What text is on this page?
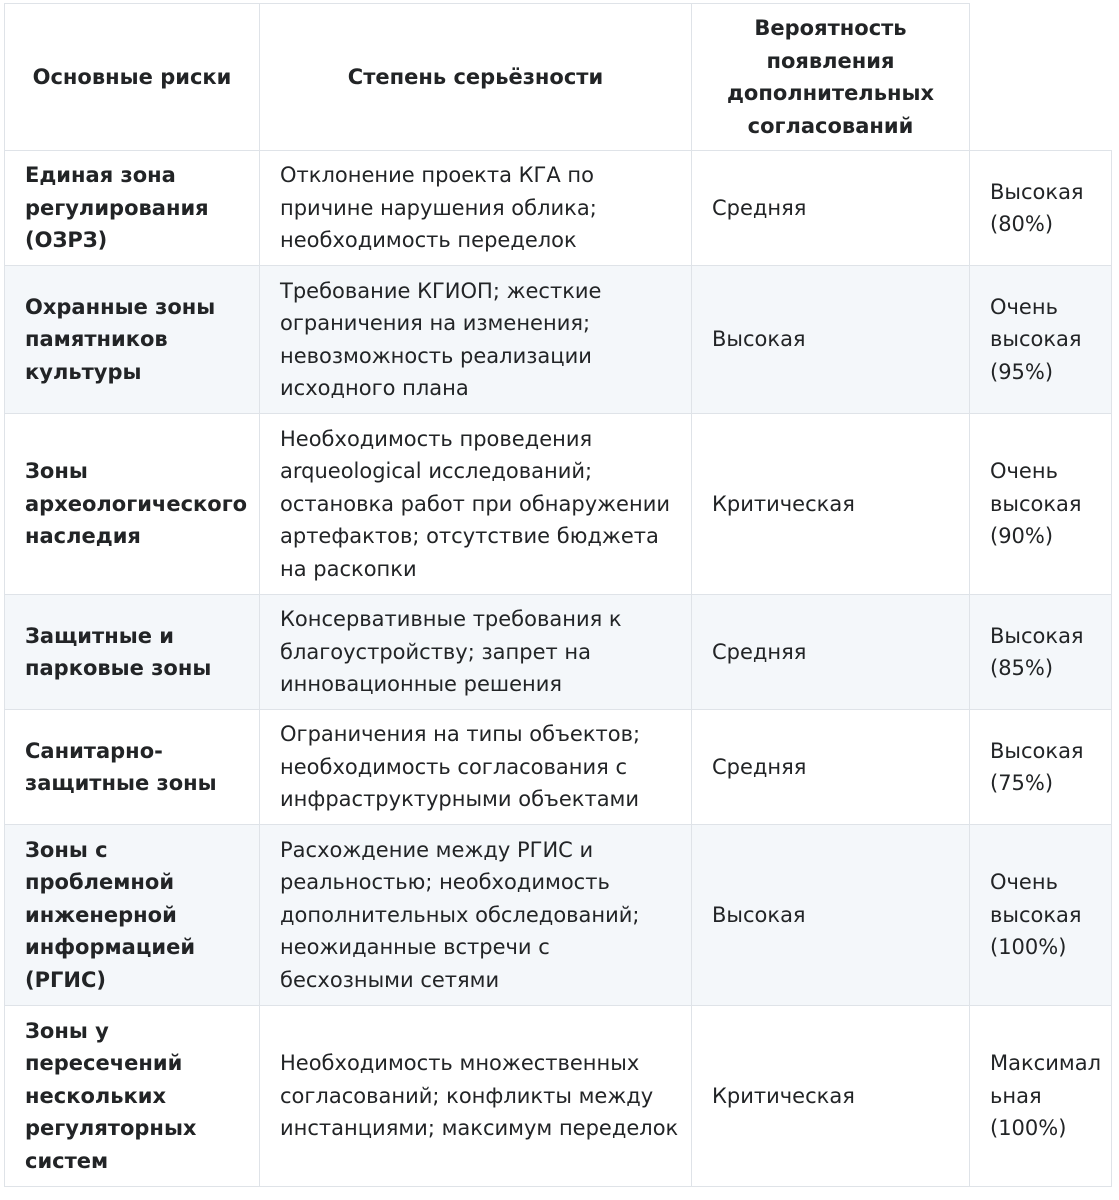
Основные риски	Степень серьёзности	Вероятность появления дополнительных согласований	
Единая зона регулирования (ОЗРЗ)	Отклонение проекта КГА по причине нарушения облика; необходимость переделок	Средняя	Высокая (80%)
Охранные зоны памятников культуры	Требование КГИОП; жесткие ограничения на изменения; невозможность реализации исходного плана	Высокая	Очень высокая (95%)
Зоны археологического наследия	Необходимость проведения arqueological исследований; остановка работ при обнаружении артефактов; отсутствие бюджета на раскопки	Критическая	Очень высокая (90%)
Защитные и парковые зоны	Консервативные требования к благоустройству; запрет на инновационные решения	Средняя	Высокая (85%)
Санитарно-защитные зоны	Ограничения на типы объектов; необходимость согласования с инфраструктурными объектами	Средняя	Высокая (75%)
Зоны с проблемной инженерной информацией (РГИС)	Расхождение между РГИС и реальностью; необходимость дополнительных обследований; неожиданные встречи с бесхозными сетями	Высокая	Очень высокая (100%)
Зоны у пересечений нескольких регуляторных систем	Необходимость множественных согласований; конфликты между инстанциями; максимум переделок	Критическая	Максимальная (100%)
